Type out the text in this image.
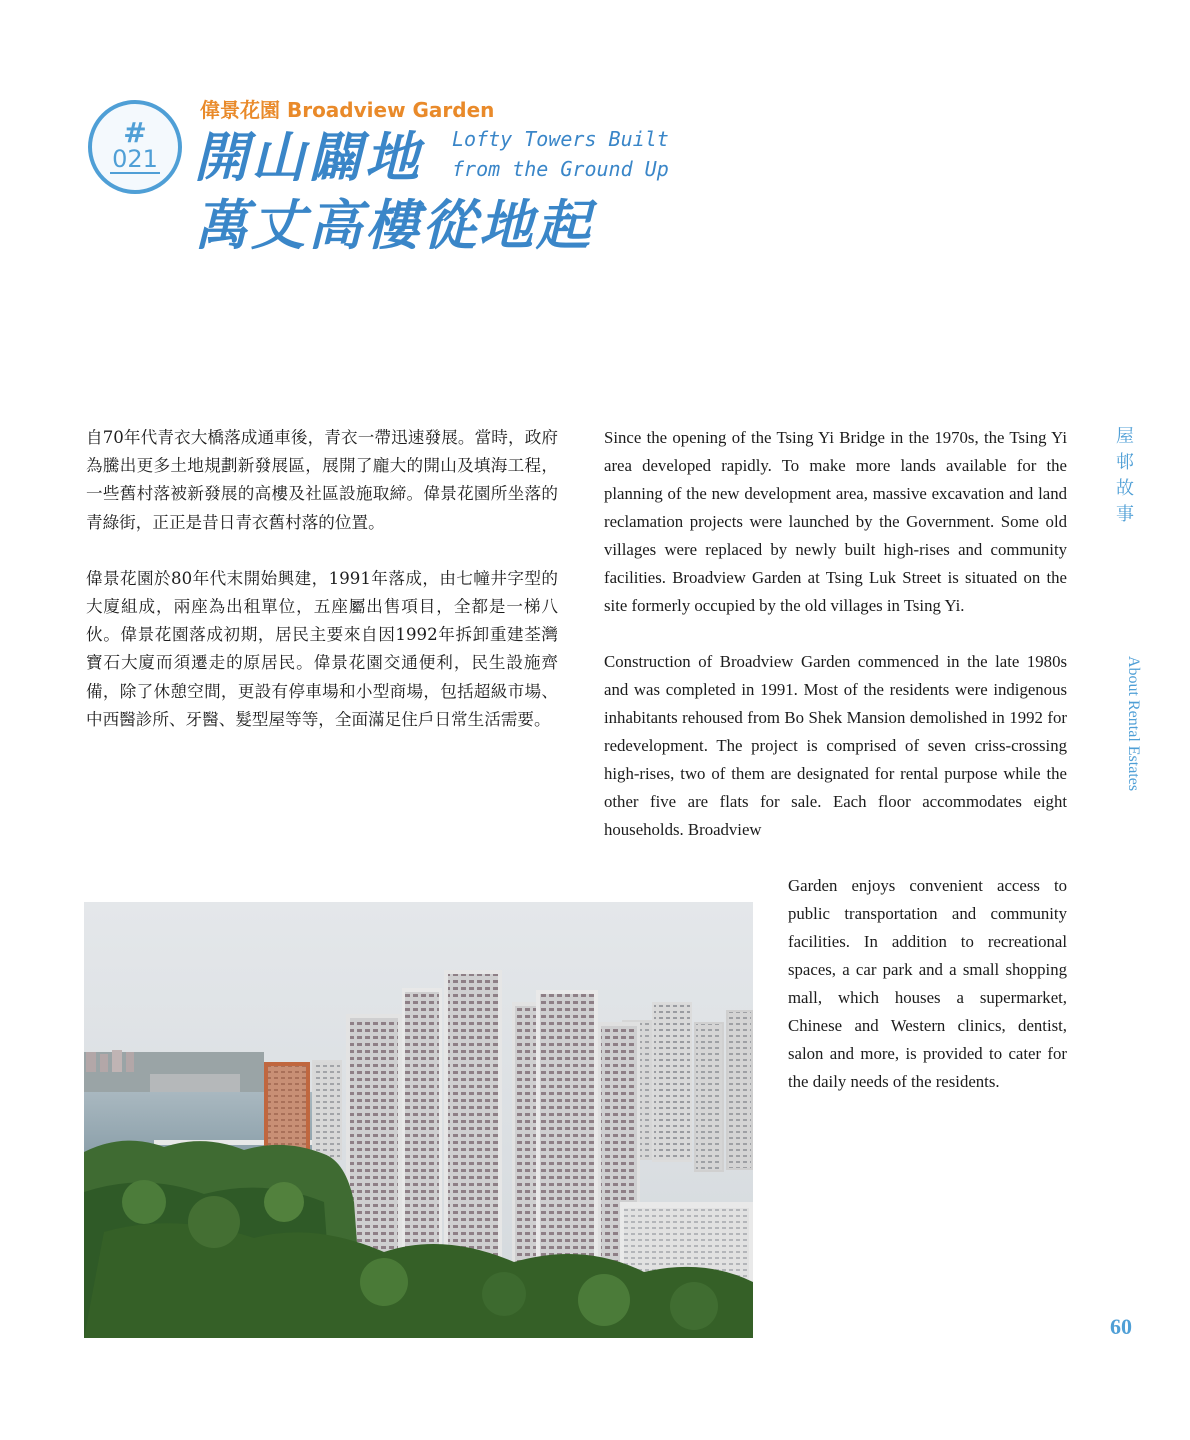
#
021
偉景花園 Broadview Garden
開山闢地
萬丈高樓從地起
Lofty Towers Built from the Ground Up

自70年代青衣大橋落成通車後，青衣一帶迅速發展。當時，政府為騰出更多土地規劃新發展區，展開了龐大的開山及填海工程，一些舊村落被新發展的高樓及社區設施取締。偉景花園所坐落的青綠街，正正是昔日青衣舊村落的位置。

偉景花園於80年代末開始興建，1991年落成，由七幢井字型的大廈組成，兩座為出租單位，五座屬出售項目，全都是一梯八伙。偉景花園落成初期，居民主要來自因1992年拆卸重建荃灣寶石大廈而須遷走的原居民。偉景花園交通便利，民生設施齊備，除了休憩空間，更設有停車場和小型商場，包括超級市場、中西醫診所、牙醫、髮型屋等等，全面滿足住戶日常生活需要。

Since the opening of the Tsing Yi Bridge in the 1970s, the Tsing Yi area developed rapidly. To make more lands available for the planning of the new development area, massive excavation and land reclamation projects were launched by the Government. Some old villages were replaced by newly built high-rises and community facilities. Broadview Garden at Tsing Luk Street is situated on the site formerly occupied by the old villages in Tsing Yi.

Construction of Broadview Garden commenced in the late 1980s and was completed in 1991. Most of the residents were indigenous inhabitants rehoused from Bo Shek Mansion demolished in 1992 for redevelopment. The project is comprised of seven criss-crossing high-rises, two of them are designated for rental purpose while the other five are flats for sale. Each floor accommodates eight households. Broadview

Garden enjoys convenient access to public transportation and community facilities. In addition to recreational spaces, a car park and a small shopping mall, which houses a supermarket, Chinese and Western clinics, dentist, salon and more, is provided to cater for the daily needs of the residents.

屋邨故事
About Rental Estates
60
